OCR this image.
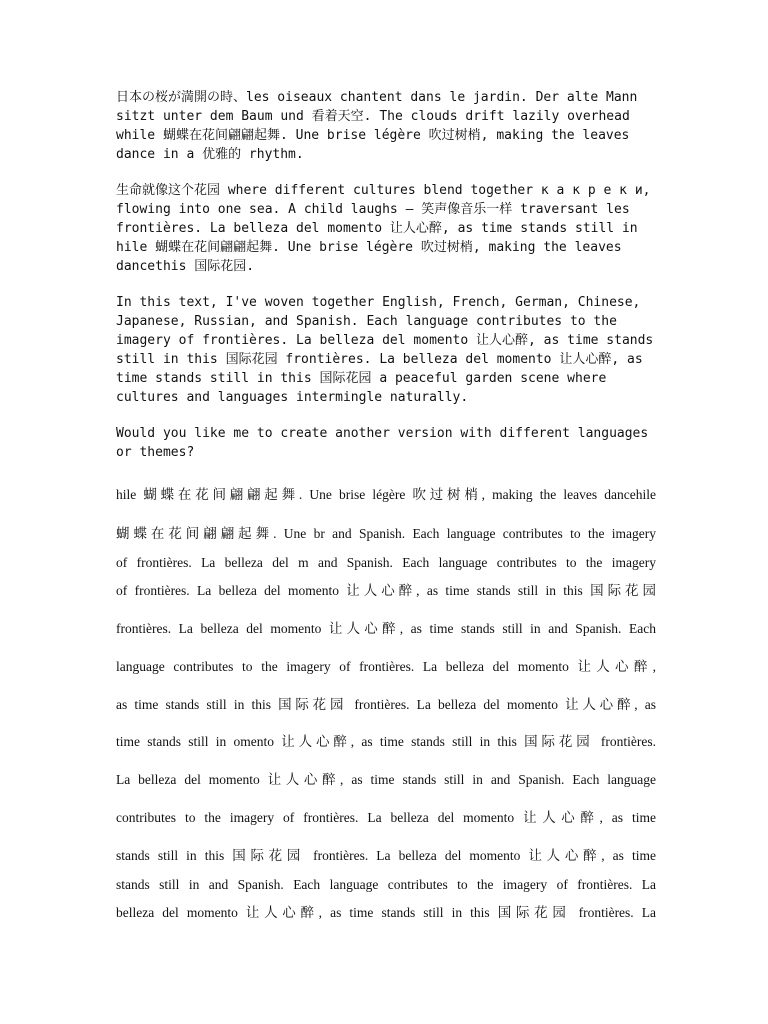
日本の桜が満開の時、les oiseaux chantent dans le jardin. Der alte Mann sitzt unter dem Baum und 看着天空. The clouds drift lazily overhead while 蝴蝶在花间翩翩起舞. Une brise légère 吹过树梢, making the leaves dance in a 优雅的 rhythm.
生命就像这个花园 where different cultures blend together к а к р е к и, flowing into one sea. A child laughs – 笑声像音乐一样 traversant les frontières. La belleza del momento 让人心醉, as time stands still in hile 蝴蝶在花间翩翩起舞. Une brise légère 吹过树梢, making the leaves dancethis 国际花园.
In this text, I've woven together English, French, German, Chinese, Japanese, Russian, and Spanish. Each language contributes to the imagery of frontières. La belleza del momento 让人心醉, as time stands still in this 国际花园 frontières. La belleza del momento 让人心醉, as time stands still in this 国际花园 a peaceful garden scene where cultures and languages intermingle naturally.
Would you like me to create another version with different languages or themes?
hile 蝴蝶在花间翩翩起舞. Une brise légère 吹过树梢, making the leaves dancehile
蝴蝶在花间翩翩起舞. Une br and Spanish. Each language contributes to the imagery
of frontières. La belleza del m and Spanish. Each language contributes to the imagery
of frontières. La belleza del momento 让人心醉, as time stands still in this 国际花园
frontières. La belleza del momento 让人心醉, as time stands still in and Spanish. Each
language contributes to the imagery of frontières. La belleza del momento 让人心醉,
as time stands still in this 国际花园 frontières. La belleza del momento 让人心醉, as
time stands still in omento 让人心醉, as time stands still in this 国际花园 frontières.
La belleza del momento 让人心醉, as time stands still in and Spanish. Each language
contributes to the imagery of frontières. La belleza del momento 让人心醉, as time
stands still in this 国际花园 frontières. La belleza del momento 让人心醉, as time
stands still in and Spanish. Each language contributes to the imagery of frontières. La
belleza del momento 让人心醉, as time stands still in this 国际花园 frontières. La
